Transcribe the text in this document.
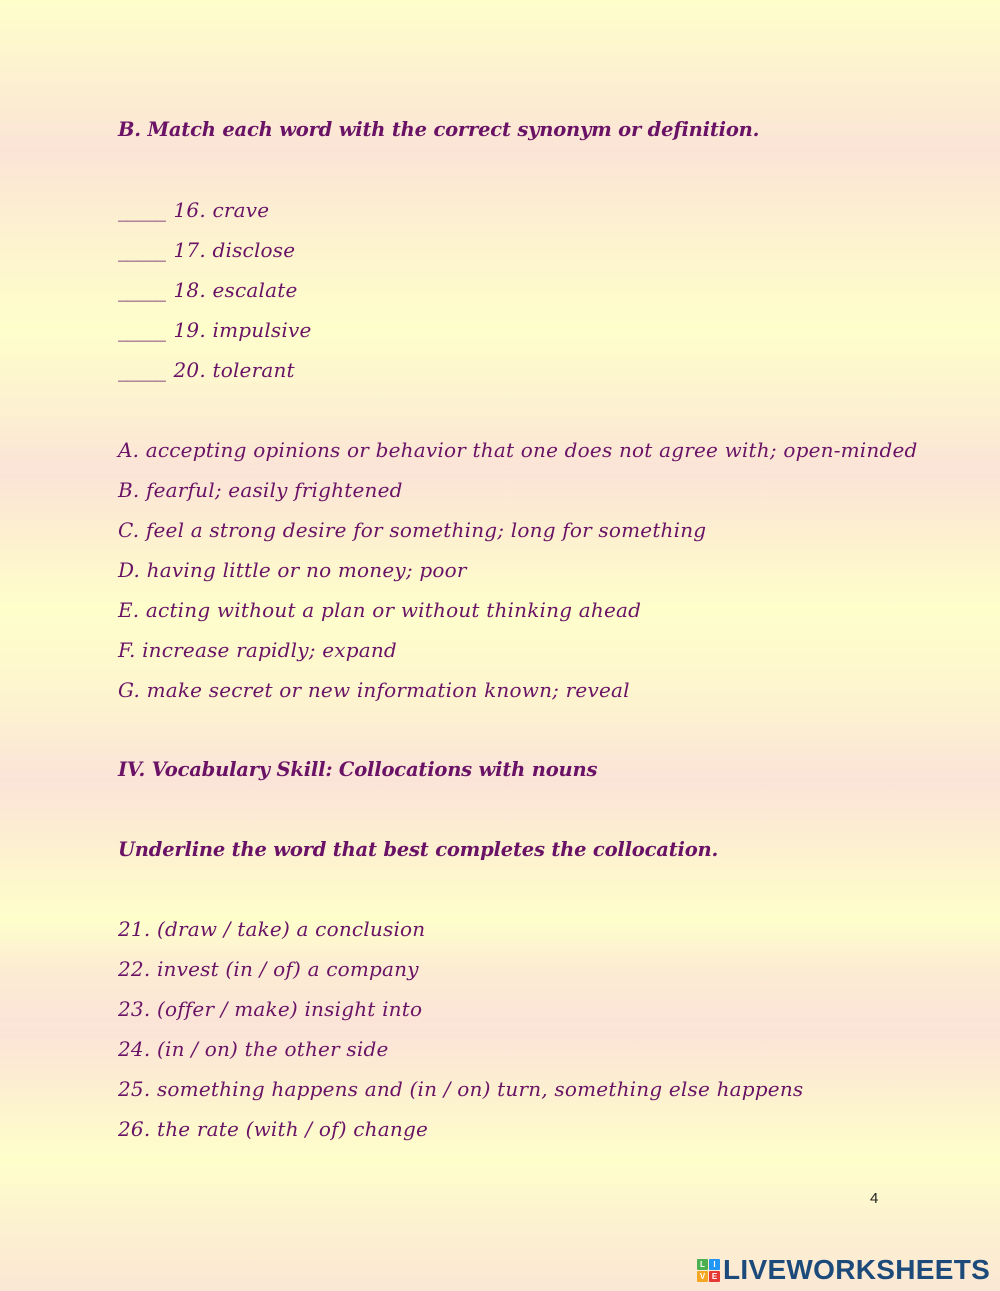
B. Match each word with the correct synonym or definition.
_____ 16. crave
_____ 17. disclose
_____ 18. escalate
_____ 19. impulsive
_____ 20. tolerant
A. accepting opinions or behavior that one does not agree with; open-minded
B. fearful; easily frightened
C. feel a strong desire for something; long for something
D. having little or no money; poor
E. acting without a plan or without thinking ahead
F. increase rapidly; expand
G. make secret or new information known; reveal
IV. Vocabulary Skill: Collocations with nouns
Underline the word that best completes the collocation.
21. (draw / take) a conclusion
22. invest (in / of) a company
23. (offer / make) insight into
24. (in / on) the other side
25. something happens and (in / on) turn, something else happens
26. the rate (with / of) change
4
L	I
V E LIVEWORKSHEETS
